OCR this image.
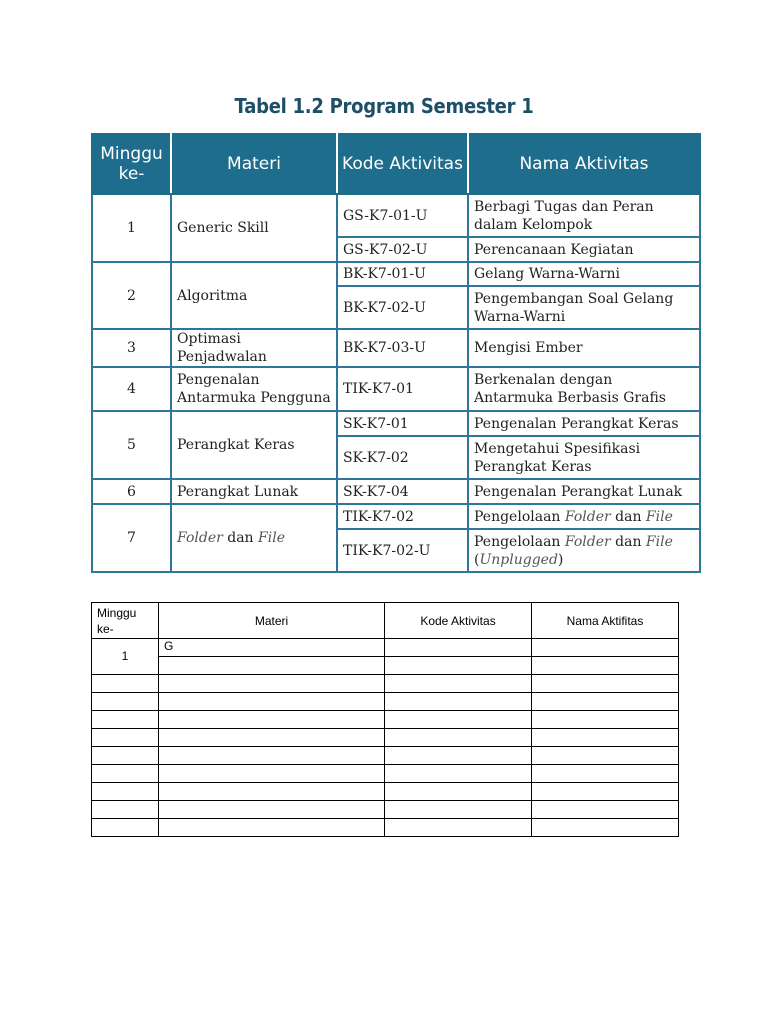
Tabel 1.2 Program Semester 1
Minggu ke-	Materi	Kode Aktivitas	Nama Aktivitas
1	Generic Skill	GS-K7-01-U	Berbagi Tugas dan Peran dalam Kelompok
		GS-K7-02-U	Perencanaan Kegiatan
2	Algoritma	BK-K7-01-U	Gelang Warna-Warni
		BK-K7-02-U	Pengembangan Soal Gelang Warna-Warni
3	Optimasi Penjadwalan	BK-K7-03-U	Mengisi Ember
4	Pengenalan Antarmuka Pengguna	TIK-K7-01	Berkenalan dengan Antarmuka Berbasis Grafis
5	Perangkat Keras	SK-K7-01	Pengenalan Perangkat Keras
		SK-K7-02	Mengetahui Spesifikasi Perangkat Keras
6	Perangkat Lunak	SK-K7-04	Pengenalan Perangkat Lunak
7	Folder dan File	TIK-K7-02	Pengelolaan Folder dan File
		TIK-K7-02-U	Pengelolaan Folder dan File
(Unplugged)
Minggu ke-	Materi	Kode Aktivitas	Nama Aktifitas
1	G		
